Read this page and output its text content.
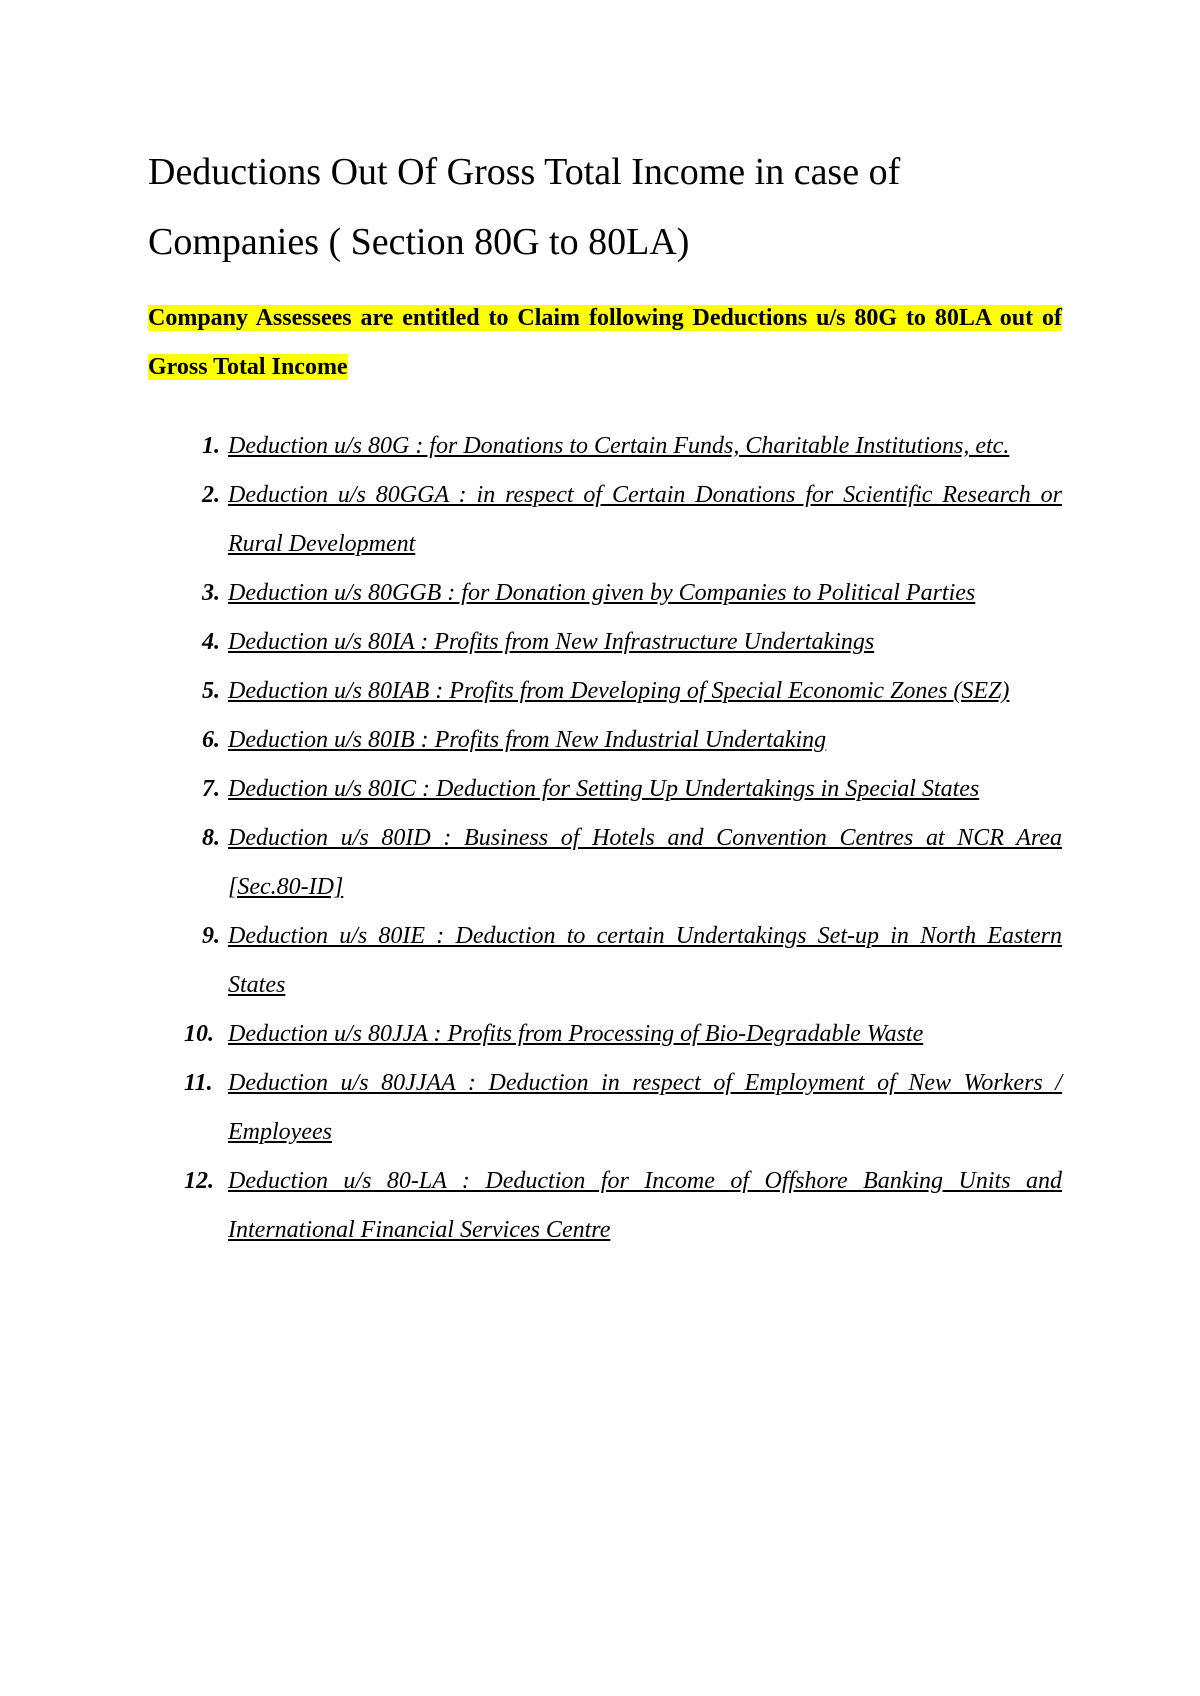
Deductions Out Of Gross Total Income in case of Companies ( Section 80G to 80LA)

Company Assessees are entitled to Claim following Deductions u/s 80G to 80LA out of Gross Total Income

1. Deduction u/s 80G : for Donations to Certain Funds, Charitable Institutions, etc.
2. Deduction u/s 80GGA : in respect of Certain Donations for Scientific Research or Rural Development
3. Deduction u/s 80GGB : for Donation given by Companies to Political Parties
4. Deduction u/s 80IA : Profits from New Infrastructure Undertakings
5. Deduction u/s 80IAB : Profits from Developing of Special Economic Zones (SEZ)
6. Deduction u/s 80IB : Profits from New Industrial Undertaking
7. Deduction u/s 80IC : Deduction for Setting Up Undertakings in Special States
8. Deduction u/s 80ID : Business of Hotels and Convention Centres at NCR Area [Sec.80-ID]
9. Deduction u/s 80IE : Deduction to certain Undertakings Set-up in North Eastern States
10. Deduction u/s 80JJA : Profits from Processing of Bio-Degradable Waste
11. Deduction u/s 80JJAA : Deduction in respect of Employment of New Workers / Employees
12. Deduction u/s 80-LA : Deduction for Income of Offshore Banking Units and International Financial Services Centre
